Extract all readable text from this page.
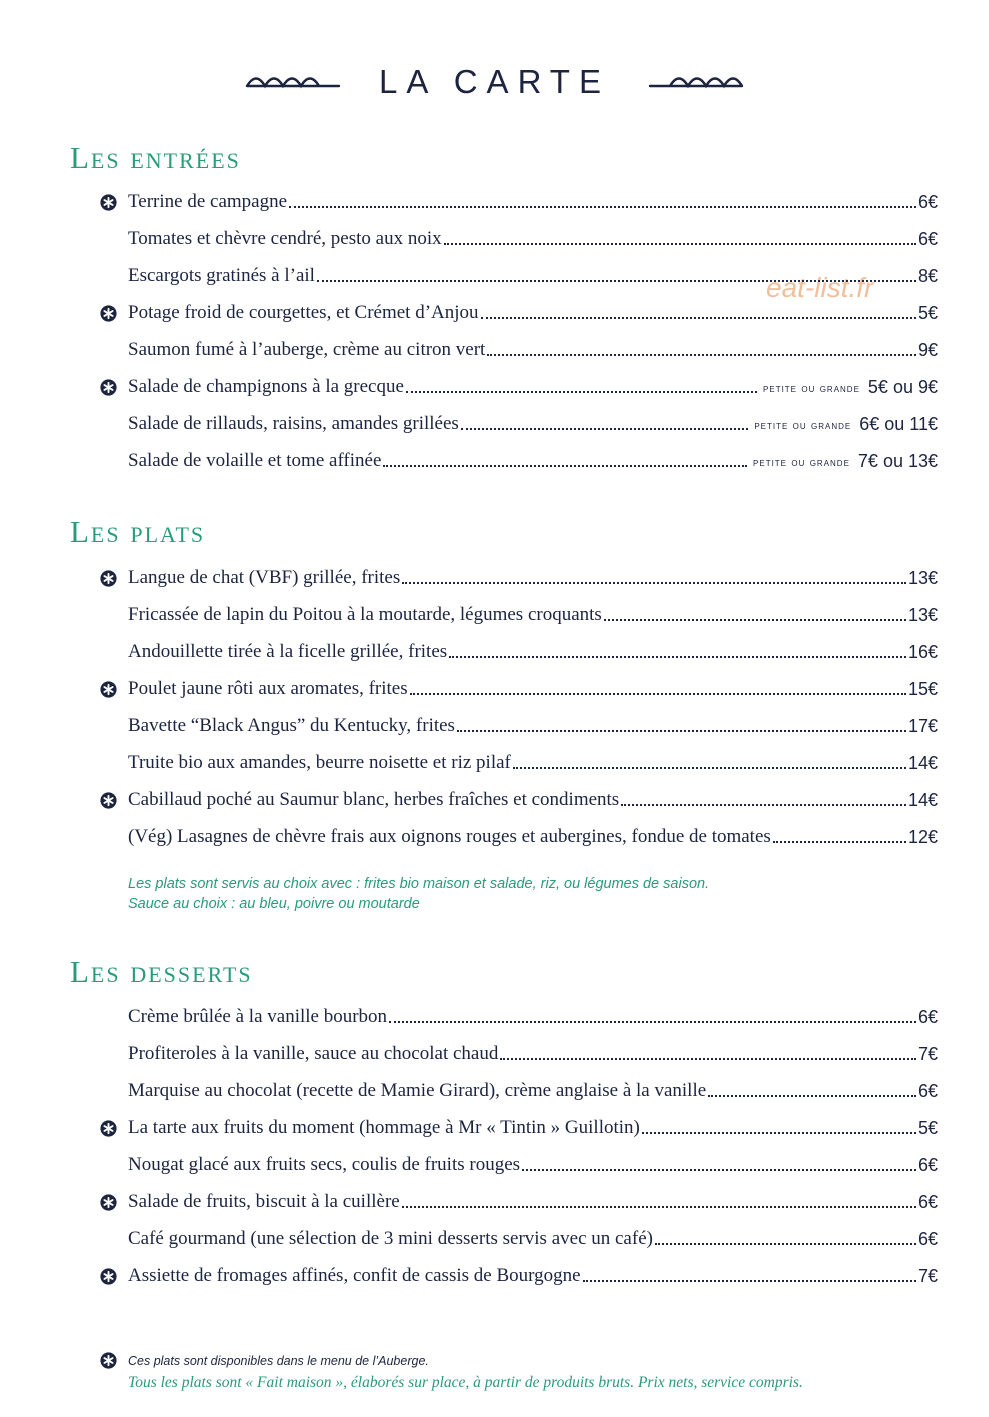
LA CARTE
eat-list.fr
Les entrées
Terrine de campagne	6€
Tomates et chèvre cendré, pesto aux noix	6€
Escargots gratinés à l’ail	8€
Potage froid de courgettes, et Crémet d’Anjou	5€
Saumon fumé à l’auberge, crème au citron vert	9€
Salade de champignons à la grecque	petite ou grande 5€ ou 9€
Salade de rillauds, raisins, amandes grillées	petite ou grande 6€ ou 11€
Salade de volaille et tome affinée	petite ou grande 7€ ou 13€
Les plats
Langue de chat (VBF) grillée, frites	13€
Fricassée de lapin du Poitou à la moutarde, légumes croquants	13€
Andouillette tirée à la ficelle grillée, frites	16€
Poulet jaune rôti aux aromates, frites	15€
Bavette “Black Angus” du Kentucky, frites	17€
Truite bio aux amandes, beurre noisette et riz pilaf	14€
Cabillaud poché au Saumur blanc, herbes fraîches et condiments	14€
(Vég) Lasagnes de chèvre frais aux oignons rouges et aubergines, fondue de tomates	12€

Les plats sont servis au choix avec : frites bio maison et salade, riz, ou légumes de saison.

Sauce au choix : au bleu, poivre ou moutarde

Les desserts
Crème brûlée à la vanille bourbon	6€
Profiteroles à la vanille, sauce au chocolat chaud	7€
Marquise au chocolat (recette de Mamie Girard), crème anglaise à la vanille	6€
La tarte aux fruits du moment (hommage à Mr « Tintin » Guillotin)	5€
Nougat glacé aux fruits secs, coulis de fruits rouges	6€
Salade de fruits, biscuit à la cuillère	6€
Café gourmand (une sélection de 3 mini desserts servis avec un café)	6€
Assiette de fromages affinés, confit de cassis de Bourgogne	7€
Ces plats sont disponibles dans le menu de l’Auberge.

Tous les plats sont « Fait maison », élaborés sur place, à partir de produits bruts. Prix nets, service compris.
